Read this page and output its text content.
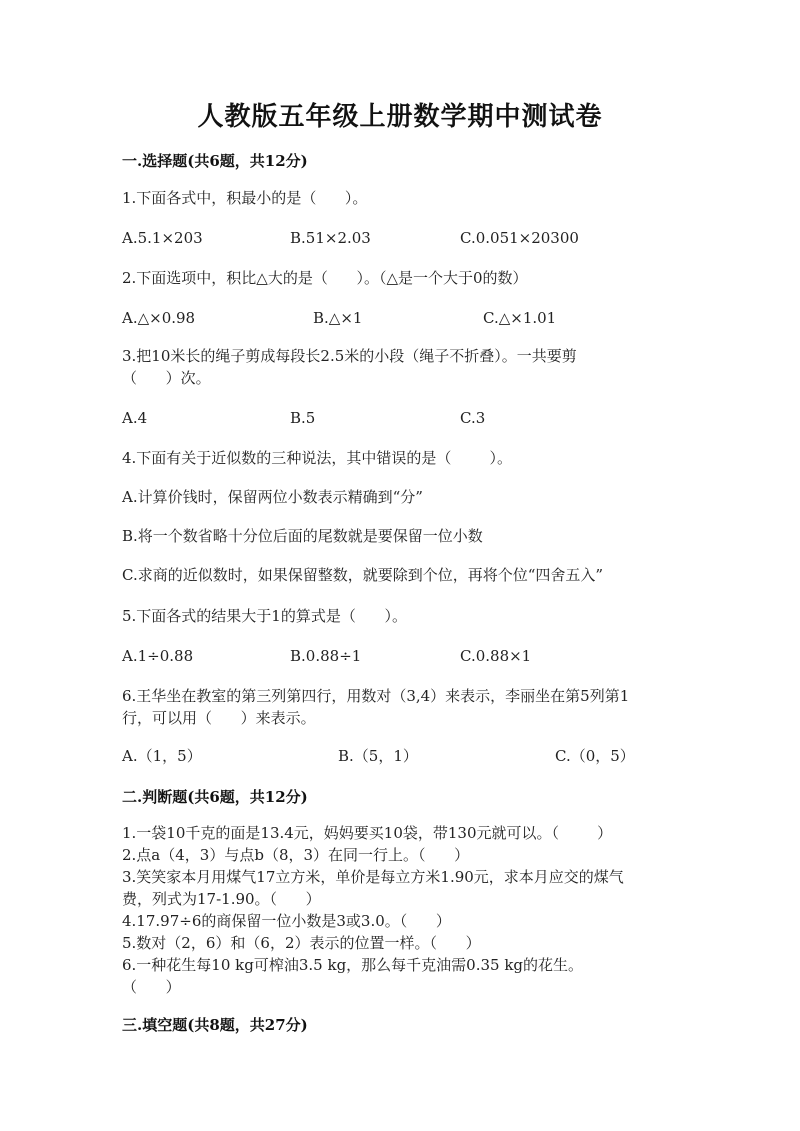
人教版五年级上册数学期中测试卷
一.选择题(共6题，共12分)
1.下面各式中，积最小的是（      ）。
A.5.1×203	B.51×2.03	C.0.051×20300
2.下面选项中，积比△大的是（      ）。（△是一个大于0的数）
A.△×0.98	B.△×1	C.△×1.01
3.把10米长的绳子剪成每段长2.5米的小段（绳子不折叠）。一共要剪
（      ）次。
A.4	B.5	C.3
4.下面有关于近似数的三种说法，其中错误的是（        ）。
A.计算价钱时，保留两位小数表示精确到“分”
B.将一个数省略十分位后面的尾数就是要保留一位小数
C.求商的近似数时，如果保留整数，就要除到个位，再将个位“四舍五入”
5.下面各式的结果大于1的算式是（      ）。
A.1÷0.88	B.0.88÷1	C.0.88×1
6.王华坐在教室的第三列第四行，用数对（3,4）来表示，李丽坐在第5列第1
行，可以用（      ）来表示。
A.（1，5）	B.（5，1）	C.（0，5）
二.判断题(共6题，共12分)
1.一袋10千克的面是13.4元，妈妈要买10袋，带130元就可以。（        ）
2.点a（4，3）与点b（8，3）在同一行上。（      ）
3.笑笑家本月用煤气17立方米，单价是每立方米1.90元，求本月应交的煤气
费，列式为17-1.90。（      ）
4.17.97÷6的商保留一位小数是3或3.0。（      ）
5.数对（2，6）和（6，2）表示的位置一样。（      ）
6.一种花生每10 kg可榨油3.5 kg，那么每千克油需0.35 kg的花生。
（      ）
三.填空题(共8题，共27分)
